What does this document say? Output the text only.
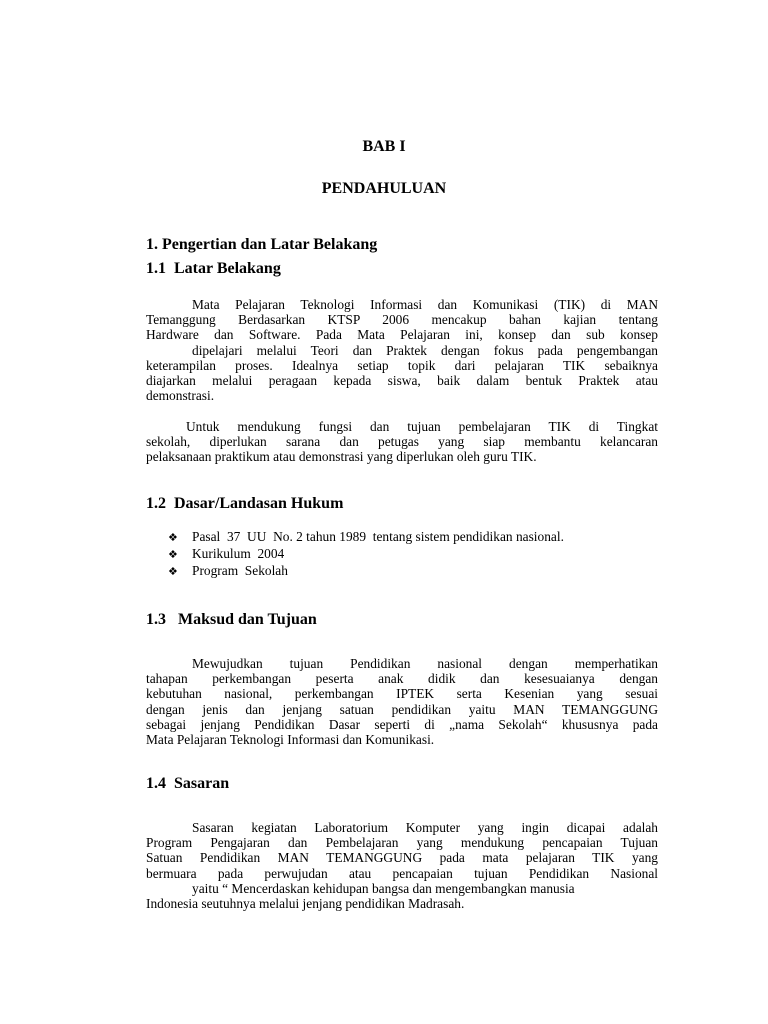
BAB I

PENDAHULUAN

1. Pengertian dan Latar Belakang

1.1  Latar Belakang

Mata Pelajaran Teknologi Informasi dan Komunikasi (TIK) di MAN
Temanggung Berdasarkan KTSP 2006 mencakup bahan kajian tentang
Hardware dan Software. Pada Mata Pelajaran ini, konsep dan sub konsep
dipelajari melalui Teori dan Praktek dengan fokus pada pengembangan
keterampilan proses. Idealnya setiap topik dari pelajaran TIK sebaiknya
diajarkan melalui peragaan kepada siswa, baik dalam bentuk Praktek atau
demonstrasi.
Untuk mendukung fungsi dan tujuan pembelajaran TIK di Tingkat
sekolah, diperlukan sarana dan petugas yang siap membantu kelancaran
pelaksanaan praktikum atau demonstrasi yang diperlukan oleh guru TIK.

1.2  Dasar/Landasan Hukum

❖ Pasal  37  UU  No. 2 tahun 1989  tentang sistem pendidikan nasional.
❖ Kurikulum  2004
❖ Program  Sekolah

1.3   Maksud dan Tujuan

Mewujudkan tujuan Pendidikan nasional dengan memperhatikan
tahapan perkembangan peserta anak didik dan kesesuaianya dengan
kebutuhan nasional, perkembangan IPTEK serta Kesenian yang sesuai
dengan jenis dan jenjang satuan pendidikan yaitu MAN TEMANGGUNG
sebagai jenjang Pendidikan Dasar seperti di „nama Sekolah“ khususnya pada
Mata Pelajaran Teknologi Informasi dan Komunikasi.

1.4  Sasaran

Sasaran kegiatan Laboratorium Komputer yang ingin dicapai adalah
Program Pengajaran dan Pembelajaran yang mendukung pencapaian Tujuan
Satuan Pendidikan MAN TEMANGGUNG pada mata pelajaran TIK yang
bermuara pada perwujudan atau pencapaian tujuan Pendidikan Nasional
yaitu “ Mencerdaskan kehidupan bangsa dan mengembangkan manusia
Indonesia seutuhnya melalui jenjang pendidikan Madrasah.
